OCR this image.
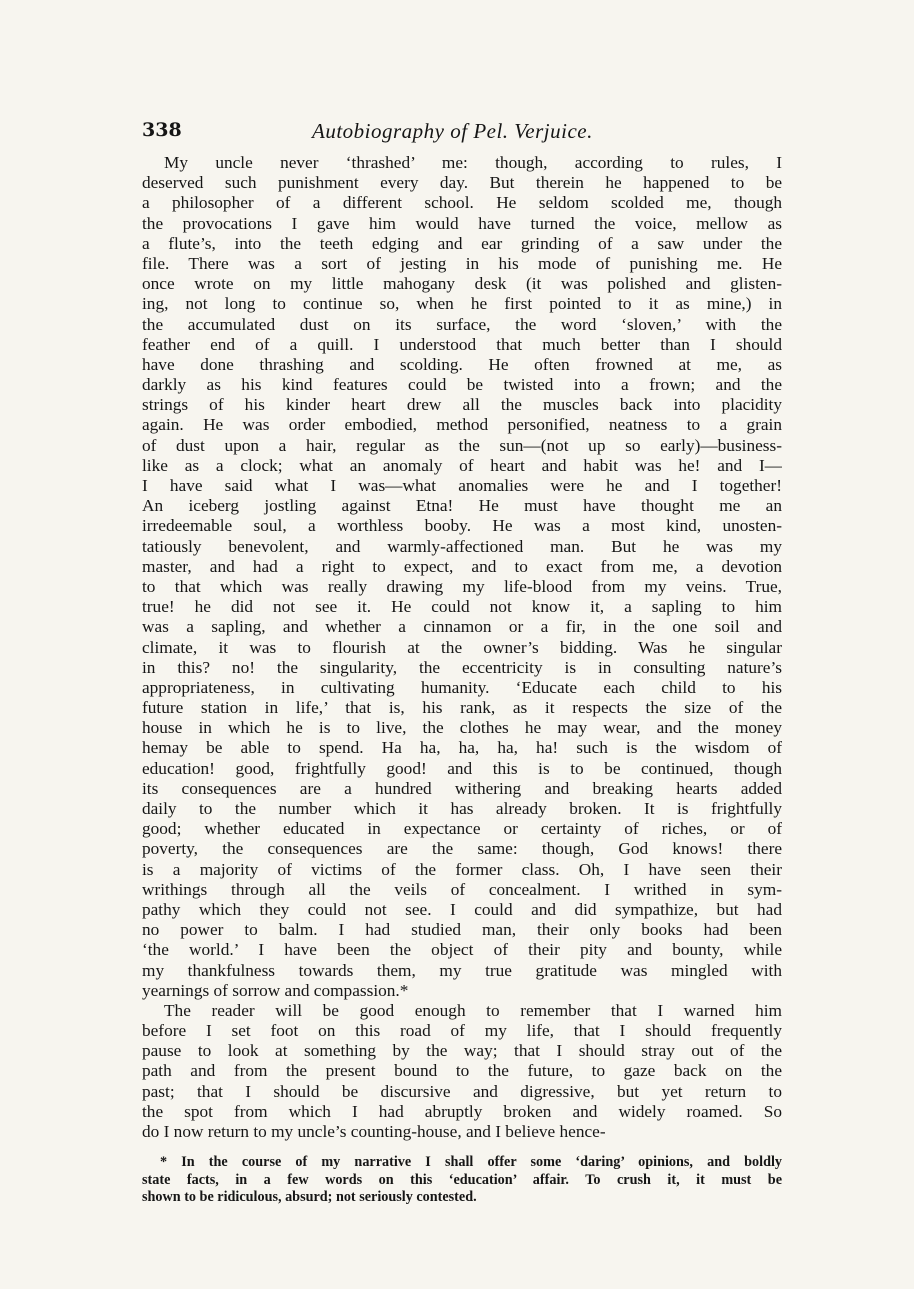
338	Autobiography of Pel. Verjuice.
My uncle never ‘thrashed’ me: though, according to rules, I
deserved such punishment every day. But therein he happened to be
a philosopher of a different school. He seldom scolded me, though
the provocations I gave him would have turned the voice, mellow as
a flute’s, into the teeth edging and ear grinding of a saw under the
file. There was a sort of jesting in his mode of punishing me. He
once wrote on my little mahogany desk (it was polished and glisten-
ing, not long to continue so, when he first pointed to it as mine,) in
the accumulated dust on its surface, the word ‘sloven,’ with the
feather end of a quill. I understood that much better than I should
have done thrashing and scolding. He often frowned at me, as
darkly as his kind features could be twisted into a frown; and the
strings of his kinder heart drew all the muscles back into placidity
again. He was order embodied, method personified, neatness to a grain
of dust upon a hair, regular as the sun—(not up so early)—business-
like as a clock; what an anomaly of heart and habit was he! and I—
I have said what I was—what anomalies were he and I together!
An iceberg jostling against Etna! He must have thought me an
irredeemable soul, a worthless booby. He was a most kind, unosten-
tatiously benevolent, and warmly-affectioned man. But he was my
master, and had a right to expect, and to exact from me, a devotion
to that which was really drawing my life-blood from my veins. True,
true! he did not see it. He could not know it, a sapling to him
was a sapling, and whether a cinnamon or a fir, in the one soil and
climate, it was to flourish at the owner’s bidding. Was he singular
in this? no! the singularity, the eccentricity is in consulting nature’s
appropriateness, in cultivating humanity. ‘Educate each child to his
future station in life,’ that is, his rank, as it respects the size of the
house in which he is to live, the clothes he may wear, and the money
hemay be able to spend. Ha ha, ha, ha, ha! such is the wisdom of
education! good, frightfully good! and this is to be continued, though
its consequences are a hundred withering and breaking hearts added
daily to the number which it has already broken. It is frightfully
good; whether educated in expectance or certainty of riches, or of
poverty, the consequences are the same: though, God knows! there
is a majority of victims of the former class. Oh, I have seen their
writhings through all the veils of concealment. I writhed in sym-
pathy which they could not see. I could and did sympathize, but had
no power to balm. I had studied man, their only books had been
‘the world.’ I have been the object of their pity and bounty, while
my thankfulness towards them, my true gratitude was mingled with
yearnings of sorrow and compassion.*
The reader will be good enough to remember that I warned him
before I set foot on this road of my life, that I should frequently
pause to look at something by the way; that I should stray out of the
path and from the present bound to the future, to gaze back on the
past; that I should be discursive and digressive, but yet return to
the spot from which I had abruptly broken and widely roamed. So
do I now return to my uncle’s counting-house, and I believe hence-
* In the course of my narrative I shall offer some ‘daring’ opinions, and boldly
state facts, in a few words on this ‘education’ affair. To crush it, it must be
shown to be ridiculous, absurd; not seriously contested.
